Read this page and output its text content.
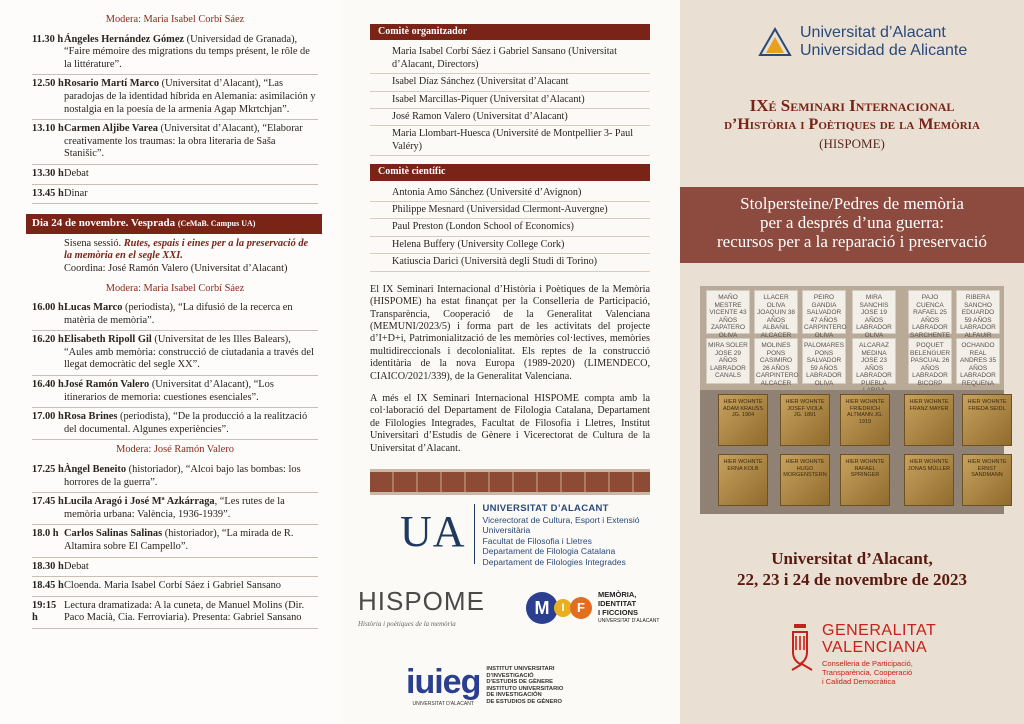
Modera: Maria Isabel Corbí Sáez
11.30 h Ángeles Hernández Gómez (Universidad de Granada), “Faire mémoire des migrations du temps présent, le rôle de la littérature”.
12.50 h Rosario Martí Marco (Universitat d’Alacant), “Las paradojas de la identidad híbrida en Alemania: asimilación y nostalgia en la poesía de la armenia Agap Mkrtchjan”.
13.10 h Carmen Aljibe Varea (Universitat d’Alacant), “Elaborar creativamente los traumas: la obra literaria de Saša Stanišic”.
13.30 h Debat
13.45 h Dinar
Dia 24 de novembre. Vesprada (CeMaB. Campus UA)
Sisena sessió. Rutes, espais i eines per a la preservació de la memòria en el segle XXI.
Coordina: José Ramón Valero (Universitat d’Alacant)
Modera: Maria Isabel Corbí Sáez
16.00 h Lucas Marco (periodista), “La difusió de la recerca en matèria de memòria”.
16.20 h Elisabeth Ripoll Gil (Universitat de les Illes Balears), “Aules amb memòria: construcció de ciutadania a través del llegat democràtic del segle XX”.
16.40 h José Ramón Valero (Universitat d’Alacant), “Los itinerarios de memoria: cuestiones esenciales”.
17.00 h Rosa Brines (periodista), “De la producció a la realització del documental. Algunes experiències”.
Modera: José Ramón Valero
17.25 h Àngel Beneito (historiador), “Alcoi bajo las bombas: los horrores de la guerra”.
17.45 h Lucila Aragó i José Mª Azkárraga, “Les rutes de la memòria urbana: València, 1936-1939”.
18.0 h Carlos Salinas Salinas (historiador), “La mirada de R. Altamira sobre El Campello”.
18.30 h Debat
18.45 h Cloenda. Maria Isabel Corbí Sáez i Gabriel Sansano
19:15 h
Lectura dramatizada: A la cuneta, de Manuel Molins (Dir. Paco Macià, Cia. Ferroviaria). Presenta: Gabriel Sansano
Comitè organitzador

Maria Isabel Corbí Sáez i Gabriel Sansano (Universitat d’Alacant, Directors)

Isabel Díaz Sánchez (Universitat d’Alacant

Isabel Marcillas-Piquer (Universitat d’Alacant)

José Ramon Valero (Universitat d’Alacant)

Maria Llombart-Huesca (Université de Montpellier 3- Paul Valéry)

Comitè científic

Antonia Amo Sánchez (Université d’Avignon)

Philippe Mesnard (Universidad Clermont-Auvergne)

Paul Preston (London School of Economics)

Helena Buffery (University College Cork)

Katiuscia Darici (Università degli Studi di Torino)

El IX Seminari Internacional d’Història i Poètiques de la Memòria (HISPOME) ha estat finançat per la Conselleria de Participació, Transparència, Cooperació de la Generalitat Valenciana (MEMUNI/2023/5) i forma part de les activitats del projecte d’I+D+i, Patrimonialització de les memòries col·lectives, memòries multidireccionals i decolonialitat. Els reptes de la construcció identitària de la nova Europa (1989-2020) (LIMENDECO, CIAICO/2021/339), de la Generalitat Valenciana.

A més el IX Seminari Internacional HISPOME compta amb la col·laboració del Departament de Filologia Catalana, Departament de Filologies Integrades, Facultat de Filosofia i Lletres, Institut Universitari d’Estudis de Gènere i Vicerectorat de Cultura de la Universitat d’Alacant.

UA UNIVERSITAT D’ALACANT
Vicerectorat de Cultura, Esport i Extensió Universitària
Facultat de Filosofia i Lletres
Departament de Filologia Catalana
Departament de Filologies Integrades
HISPOME
Història i poètiques de la memòria
M	I F
MEMÒRIA,
IDENTITAT
I FICCIONS
UNIVERSITAT D’ALACANT
iuieg
UNIVERSITAT D’ALACANT
INSTITUT UNIVERSITARI
D’INVESTIGACIÓ
D’ESTUDIS DE GÈNERE
INSTITUTO UNIVERSITARIO
DE INVESTIGACIÓN
DE ESTUDIOS DE GÉNERO
Universitat d’Alacant
Universidad de Alicante
IXé Seminari Internacional
d’Història i Poètiques de la Memòria
(HISPOME)
Stolpersteine/Pedres de memòria
per a després d’una guerra:
recursos per a la reparació i preservació
MAÑO MESTRE VICENTE 43 AÑOS ZAPATERO OLIVA
LLACER OLIVA JOAQUIN 38 AÑOS ALBAÑIL ALCACER
PEIRO GANDIA SALVADOR 47 AÑOS CARPINTERO OLIVA
MIRA SANCHIS JOSE 19 AÑOS LABRADOR OLIVA
PAJO CUENCA RAFAEL 25 AÑOS LABRADOR SARCHENTE
RIBERA SANCHO EDUARDO 59 AÑOS LABRADOR ALFAUIR
MIRA SOLER JOSE 29 AÑOS LABRADOR CANALS
MOLINES PONS CASIMIRO 26 AÑOS CARPINTERO ALCACER
PALOMARES PONS SALVADOR 59 AÑOS LABRADOR OLIVA
ALCARAZ MEDINA JOSE 23 AÑOS LABRADOR PUEBLA
POQUET BELENGUER PASCUAL 26 AÑOS LABRADOR BICORP
OCHANDO REAL ANDRES 35 AÑOS LABRADOR REQUENA
HIER WOHNTE ADAM KRAUSS JG. 1904
HIER WOHNTE JOSEF VIOLA JG. 1891
HIER WOHNTE FRIEDRICH ALTMANN JG. 1919
HIER WOHNTE FRANZ MAYER
HIER WOHNTE FRIEDA SEIDL
HIER WOHNTE ERNA KOLB
HIER WOHNTE HUGO MORGENSTERN
HIER WOHNTE RAFAEL SPRINGER
HIER WOHNTE JONAS MÜLLER
HIER WOHNTE ERNST SANDMANN
Universitat d’Alacant,
22, 23 i 24 de novembre de 2023
GENERALITAT
VALENCIANA
Conselleria de Participació,
Transparència, Cooperació
i Calidad Democràtica
